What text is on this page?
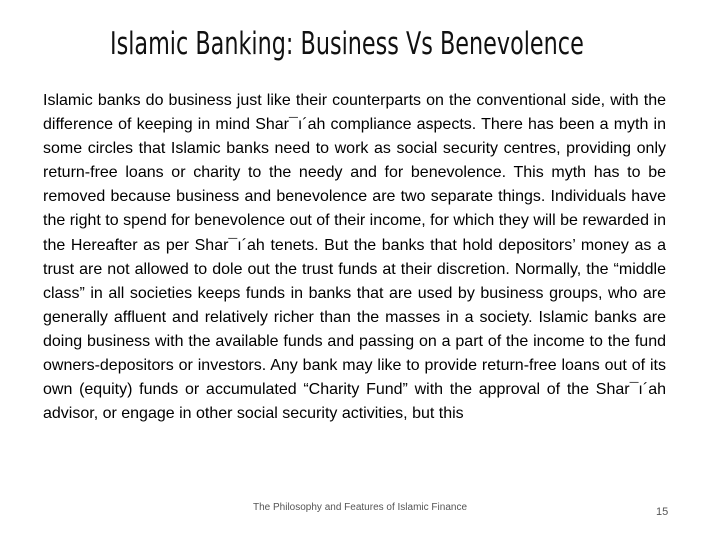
Islamic Banking: Business Vs Benevolence

Islamic banks do business just like their counterparts on the conventional side, with the difference of keeping in mind Shar¯ı´ah compliance aspects. There has been a myth in some circles that Islamic banks need to work as social security centres, providing only return-free loans or charity to the needy and for benevolence. This myth has to be removed because business and benevolence are two separate things. Individuals have the right to spend for benevolence out of their income, for which they will be rewarded in the Hereafter as per Shar¯ı´ah tenets. But the banks that hold depositors’ money as a trust are not allowed to dole out the trust funds at their discretion. Normally, the “middle class” in all societies keeps funds in banks that are used by business groups, who are generally affluent and relatively richer than the masses in a society. Islamic banks are doing business with the available funds and passing on a part of the income to the fund owners-depositors or investors. Any bank may like to provide return-free loans out of its own (equity) funds or accumulated “Charity Fund” with the approval of the Shar¯ı´ah advisor, or engage in other social security activities, but this

The Philosophy and Features of Islamic Finance	15
